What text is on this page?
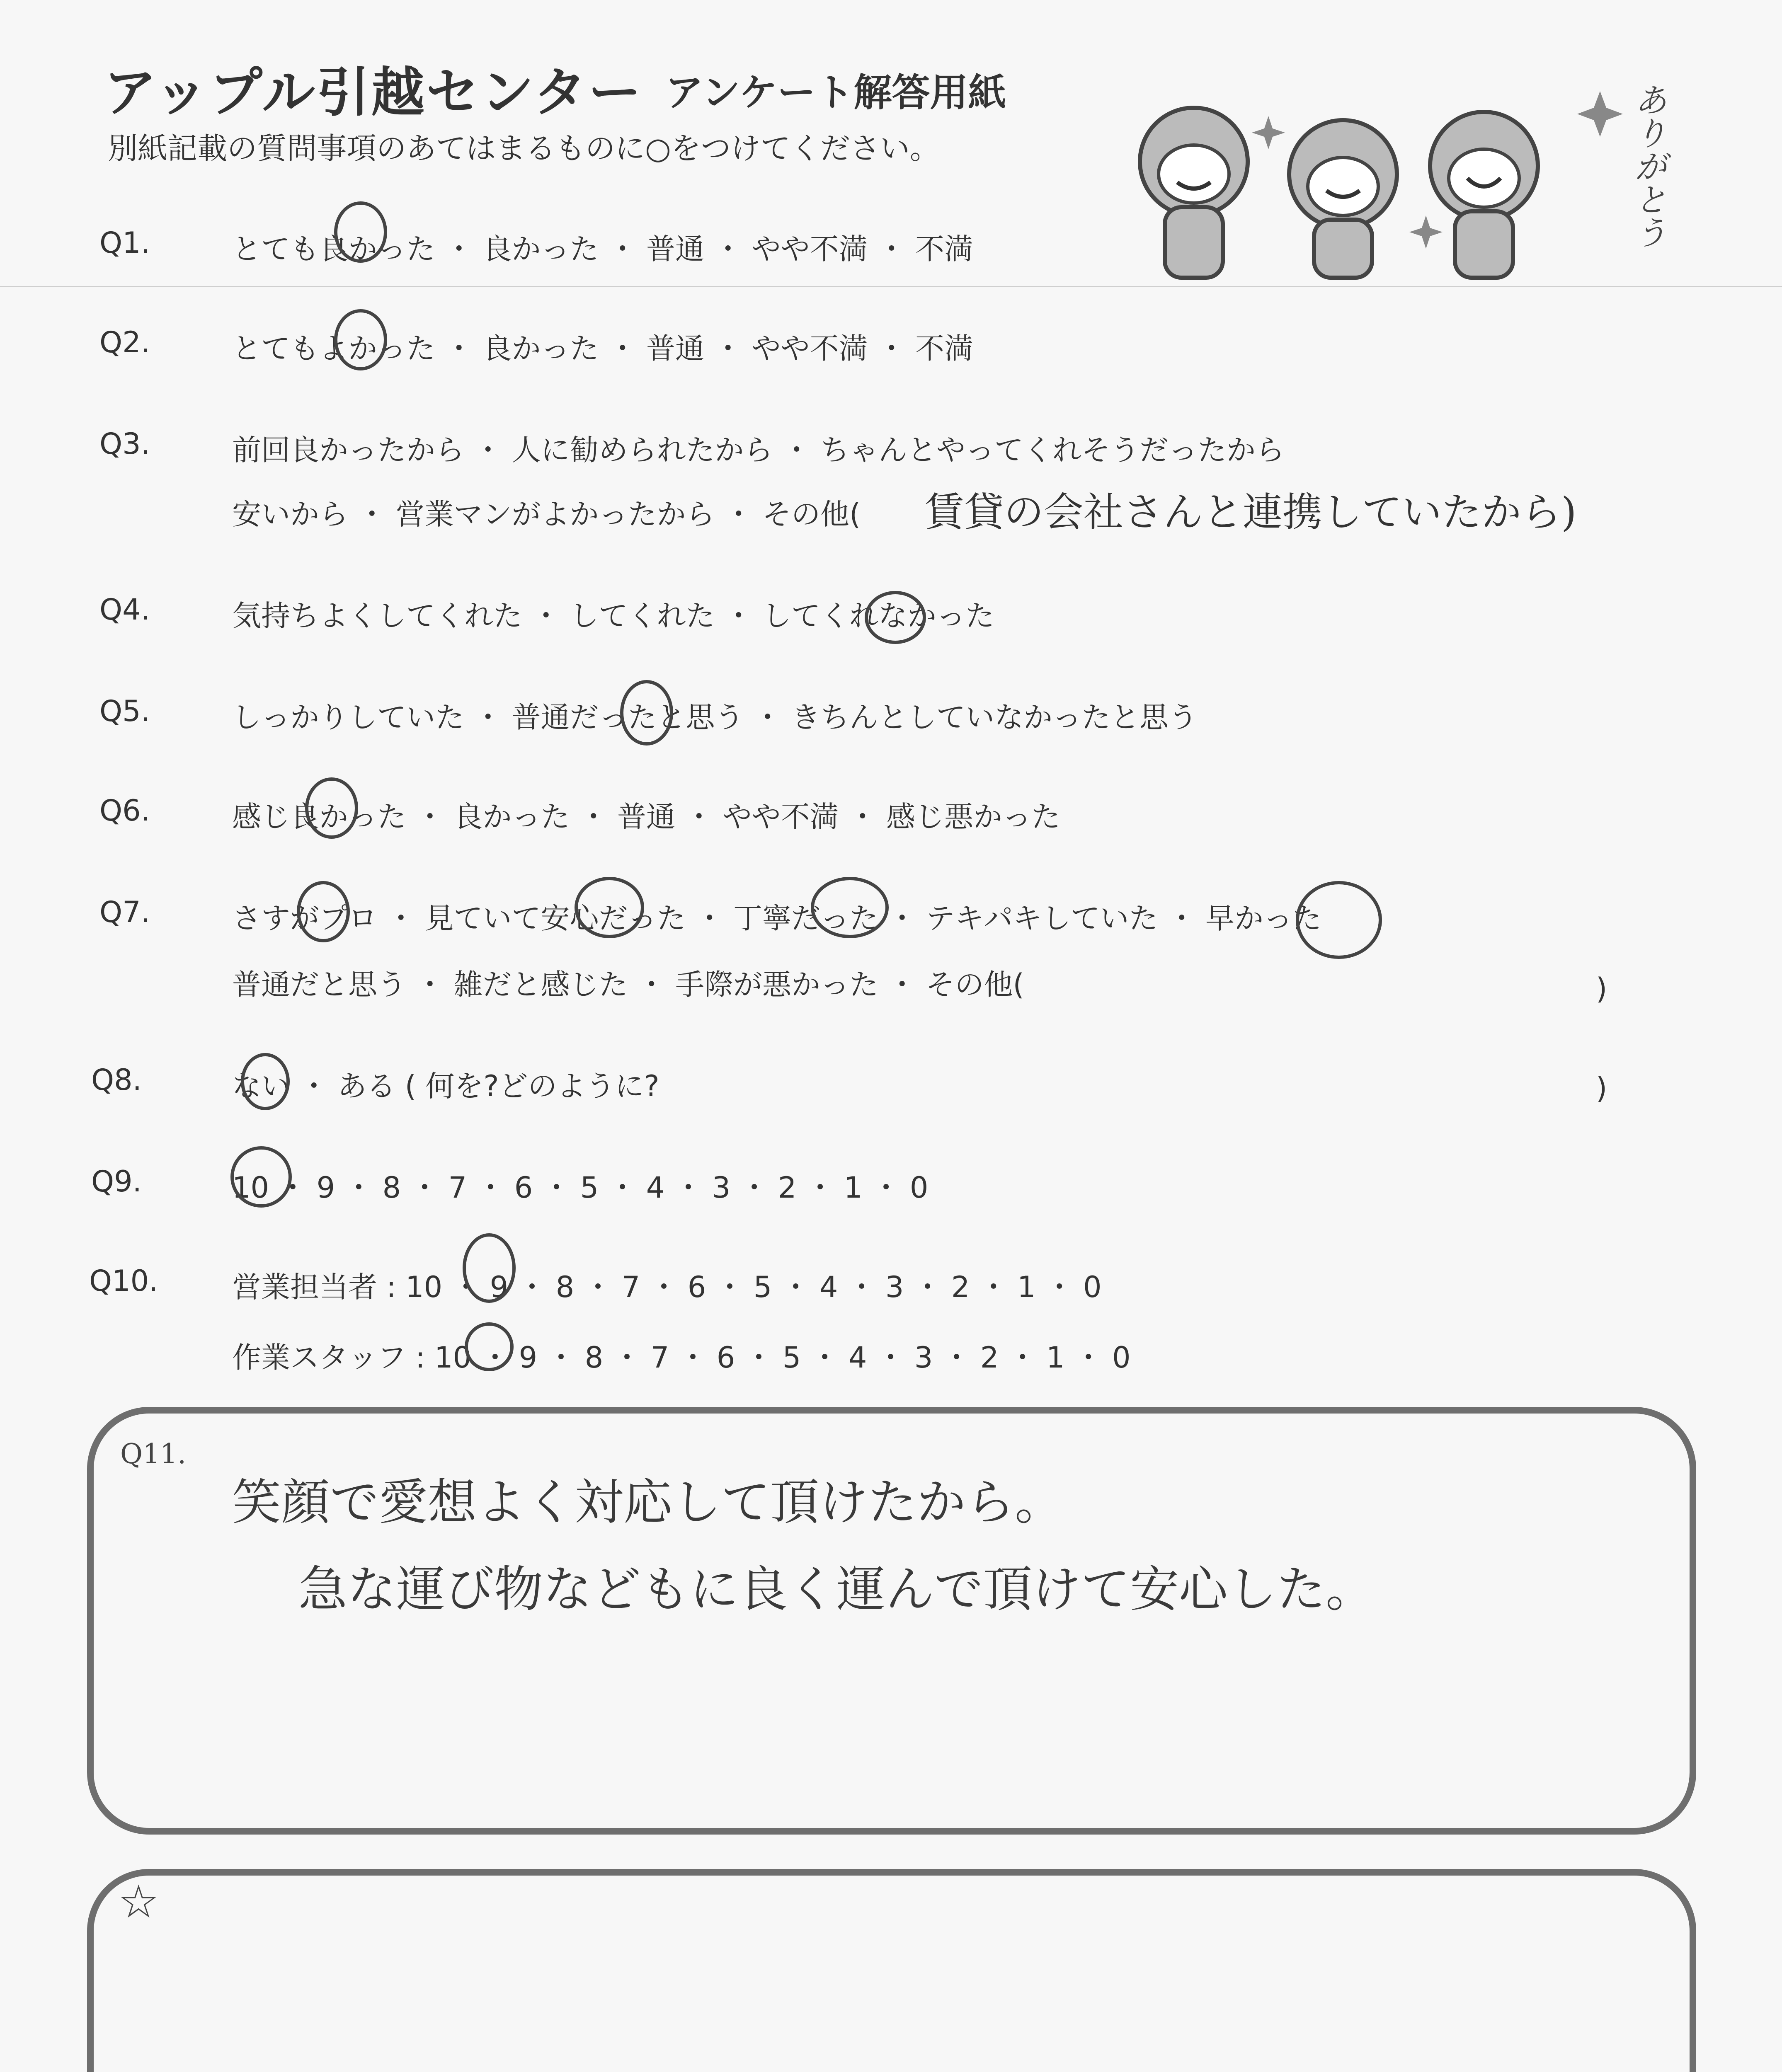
アップル引越センター アンケート解答用紙
別紙記載の質問事項のあてはまるものに○をつけてください。	ありがとう
Q1.	とても良かった ・ 良かった ・ 普通 ・ やや不満 ・ 不満
Q2.	とてもよかった ・ 良かった ・ 普通 ・ やや不満 ・ 不満
Q3.	前回良かったから ・ 人に勧められたから ・ ちゃんとやってくれそうだったから
安いから ・ 営業マンがよかったから ・ その他( 賃貸の会社さんと連携していたから)
Q4.	気持ちよくしてくれた ・ してくれた ・ してくれなかった
Q5.	しっかりしていた ・ 普通だったと思う ・ きちんとしていなかったと思う
Q6.	感じ良かった ・ 良かった ・ 普通 ・ やや不満 ・ 感じ悪かった
Q7.	さすがプロ ・ 見ていて安心だった ・ 丁寧だった ・ テキパキしていた ・ 早かった
普通だと思う ・ 雑だと感じた ・ 手際が悪かった ・ その他(	)
Q8.	ない ・ ある ( 何を?どのように?	)
Q9.	10 ・ 9 ・ 8 ・ 7 ・ 6 ・ 5 ・ 4 ・ 3 ・ 2 ・ 1 ・ 0
Q10.	営業担当者 : 10 ・ 9 ・ 8 ・ 7 ・ 6 ・ 5 ・ 4 ・ 3 ・ 2 ・ 1 ・ 0
作業スタッフ : 10 ・ 9 ・ 8 ・ 7 ・ 6 ・ 5 ・ 4 ・ 3 ・ 2 ・ 1 ・ 0
Q11.
笑顔で愛想よく対応して頂けたから。
急な運び物などもに良く運んで頂けて安心した。
☆
